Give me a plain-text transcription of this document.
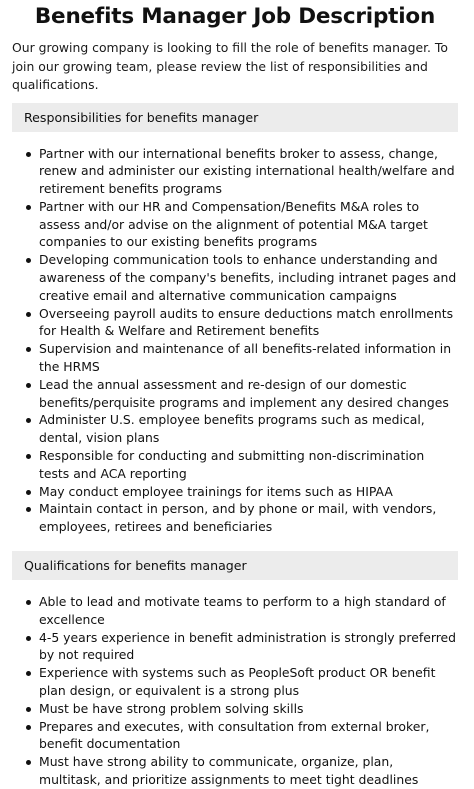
Benefits Manager Job Description

Our growing company is looking to fill the role of benefits manager. To join our growing team, please review the list of responsibilities and qualifications.

Responsibilities for benefits manager
Partner with our international benefits broker to assess, change, renew and administer our existing international health/welfare and retirement benefits programs
Partner with our HR and Compensation/Benefits M&A roles to assess and/or advise on the alignment of potential M&A target companies to our existing benefits programs
Developing communication tools to enhance understanding and awareness of the company's benefits, including intranet pages and creative email and alternative communication campaigns
Overseeing payroll audits to ensure deductions match enrollments for Health & Welfare and Retirement benefits
Supervision and maintenance of all benefits-related information in the HRMS
Lead the annual assessment and re-design of our domestic benefits/perquisite programs and implement any desired changes
Administer U.S. employee benefits programs such as medical, dental, vision plans
Responsible for conducting and submitting non-discrimination tests and ACA reporting
May conduct employee trainings for items such as HIPAA
Maintain contact in person, and by phone or mail, with vendors, employees, retirees and beneficiaries
Qualifications for benefits manager
Able to lead and motivate teams to perform to a high standard of excellence
4-5 years experience in benefit administration is strongly preferred by not required
Experience with systems such as PeopleSoft product OR benefit plan design, or equivalent is a strong plus
Must be have strong problem solving skills
Prepares and executes, with consultation from external broker, benefit documentation
Must have strong ability to communicate, organize, plan, multitask, and prioritize assignments to meet tight deadlines
